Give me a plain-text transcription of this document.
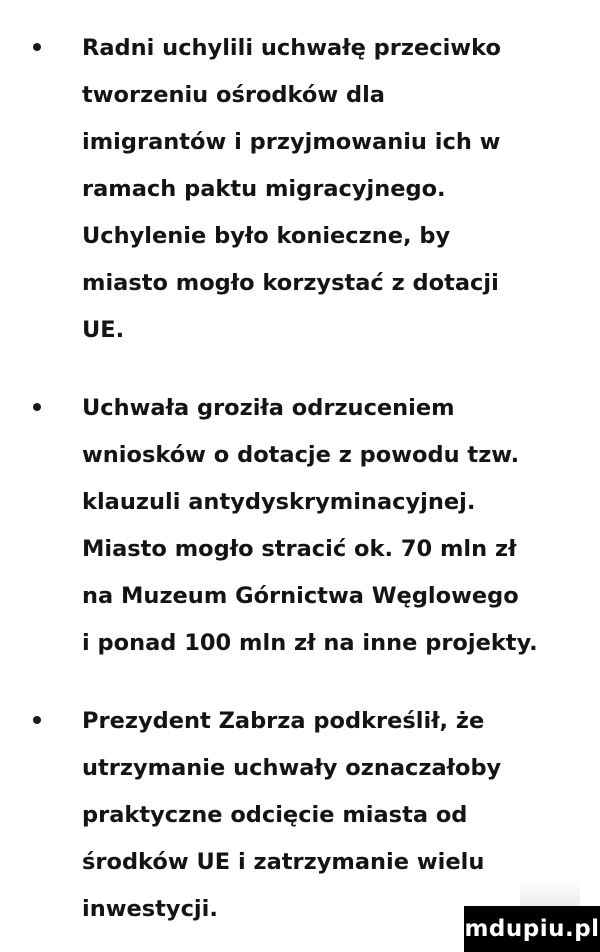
Radni uchylili uchwałę przeciwko
tworzeniu ośrodków dla
imigrantów i przyjmowaniu ich w
ramach paktu migracyjnego.
Uchylenie było konieczne, by
miasto mogło korzystać z dotacji
UE.
Uchwała groziła odrzuceniem
wniosków o dotacje z powodu tzw.
klauzuli antydyskryminacyjnej.
Miasto mogło stracić ok. 70 mln zł
na Muzeum Górnictwa Węglowego
i ponad 100 mln zł na inne projekty.
Prezydent Zabrza podkreślił, że
utrzymanie uchwały oznaczałoby
praktyczne odcięcie miasta od
środków UE i zatrzymanie wielu
inwestycji.
mdupiu.pl
